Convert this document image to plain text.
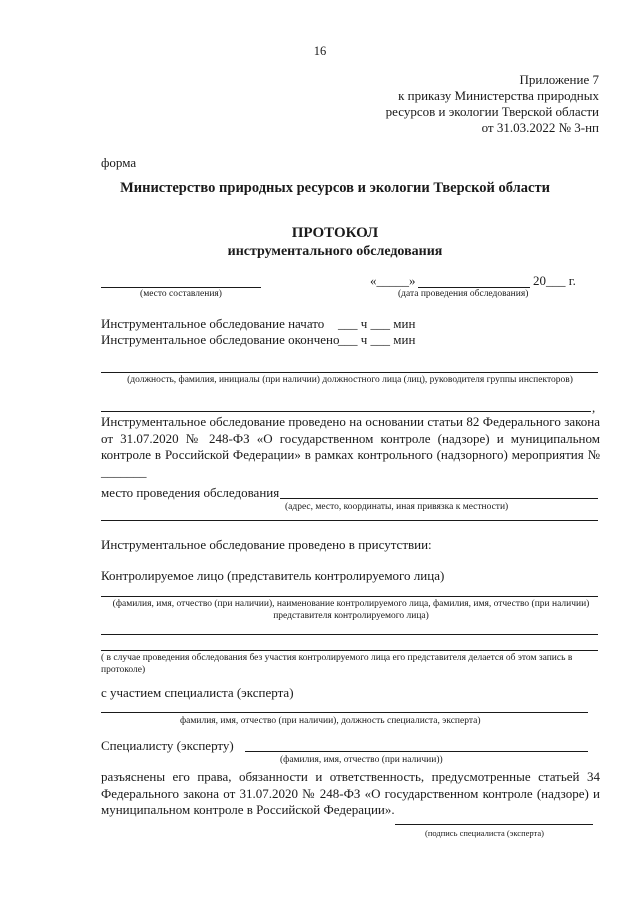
16
Приложение 7
к приказу Министерства природных
ресурсов и экологии Тверской области
от 31.03.2022 № 3-нп
форма
Министерство природных ресурсов и экологии Тверской области
ПРОТОКОЛ
инструментального обследования
(место составления)
«_____»	20___ г.
(дата проведения обследования)
Инструментальное обследование начато ___ ч ___ мин
Инструментальное обследование окончено
___ ч ___ мин
(должность, фамилия, инициалы (при наличии) должностного лица (лиц), руководителя группы инспекторов)
,
Инструментальное обследование проведено на основании статьи 82 Федерального закона от 31.07.2020 № 248-ФЗ «О государственном контроле (надзоре) и муниципальном контроле в Российской Федерации» в рамках контрольного (надзорного) мероприятия № _______
место проведения обследования
(адрес, место, координаты, иная привязка к местности)
Инструментальное обследование проведено в присутствии:
Контролируемое лицо (представитель контролируемого лица)
(фамилия, имя, отчество (при наличии), наименование контролируемого лица, фамилия, имя, отчество (при наличии) представителя контролируемого лица)
( в случае проведения обследования без участия контролируемого лица его представителя делается об этом запись в протоколе)
с участием специалиста (эксперта)
фамилия, имя, отчество (при наличии), должность специалиста, эксперта)
Специалисту (эксперту)
(фамилия, имя, отчество (при наличии))
разъяснены его права, обязанности и ответственность, предусмотренные статьей 34 Федерального закона от 31.07.2020 № 248-ФЗ «О государственном контроле (надзоре) и муниципальном контроле в Российской Федерации».
(подпись специалиста (эксперта)
